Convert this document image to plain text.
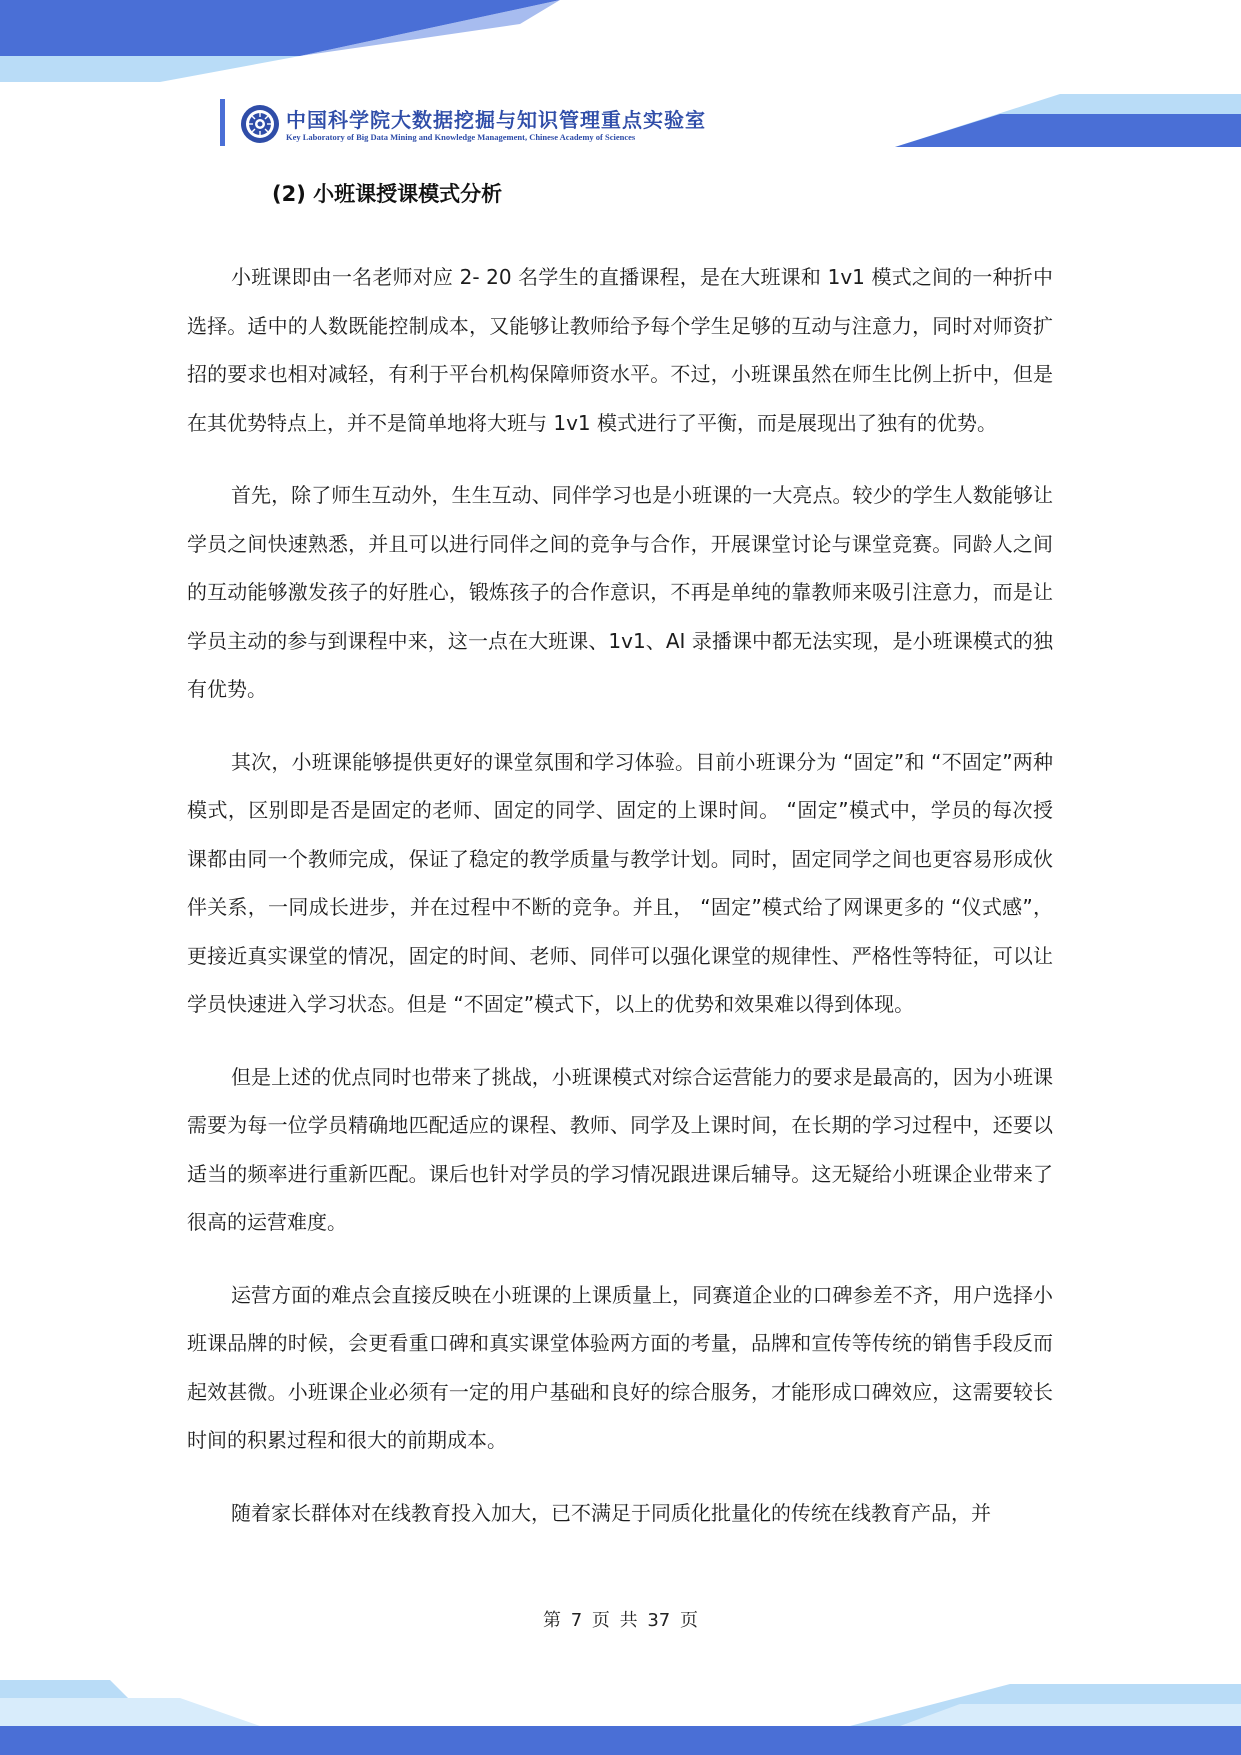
中国科学院大数据挖掘与知识管理重点实验室
Key Laboratory of Big Data Mining and Knowledge Management, Chinese Academy of Sciences
(2) 小班课授课模式分析

小班课即由一名老师对应 2- 20 名学生的直播课程，是在大班课和 1v1 模式之间的一种折中选择。适中的人数既能控制成本，又能够让教师给予每个学生足够的互动与注意力，同时对师资扩招的要求也相对减轻，有利于平台机构保障师资水平。不过，小班课虽然在师生比例上折中，但是在其优势特点上，并不是简单地将大班与 1v1 模式进行了平衡，而是展现出了独有的优势。

首先，除了师生互动外，生生互动、同伴学习也是小班课的一大亮点。较少的学生人数能够让学员之间快速熟悉，并且可以进行同伴之间的竞争与合作，开展课堂讨论与课堂竞赛。同龄人之间的互动能够激发孩子的好胜心，锻炼孩子的合作意识，不再是单纯的靠教师来吸引注意力，而是让学员主动的参与到课程中来，这一点在大班课、1v1、AI 录播课中都无法实现，是小班课模式的独有优势。

其次，小班课能够提供更好的课堂氛围和学习体验。目前小班课分为 “固定”和 “不固定”两种模式，区别即是否是固定的老师、固定的同学、固定的上课时间。 “固定”模式中，学员的每次授课都由同一个教师完成，保证了稳定的教学质量与教学计划。同时，固定同学之间也更容易形成伙伴关系，一同成长进步，并在过程中不断的竞争。并且， “固定”模式给了网课更多的 “仪式感”，更接近真实课堂的情况，固定的时间、老师、同伴可以强化课堂的规律性、严格性等特征，可以让学员快速进入学习状态。但是 “不固定”模式下，以上的优势和效果难以得到体现。

但是上述的优点同时也带来了挑战，小班课模式对综合运营能力的要求是最高的，因为小班课需要为每一位学员精确地匹配适应的课程、教师、同学及上课时间，在长期的学习过程中，还要以适当的频率进行重新匹配。课后也针对学员的学习情况跟进课后辅导。这无疑给小班课企业带来了很高的运营难度。

运营方面的难点会直接反映在小班课的上课质量上，同赛道企业的口碑参差不齐，用户选择小班课品牌的时候，会更看重口碑和真实课堂体验两方面的考量，品牌和宣传等传统的销售手段反而起效甚微。小班课企业必须有一定的用户基础和良好的综合服务，才能形成口碑效应，这需要较长时间的积累过程和很大的前期成本。

随着家长群体对在线教育投入加大，已不满足于同质化批量化的传统在线教育产品，并

第 7 页 共 37 页
